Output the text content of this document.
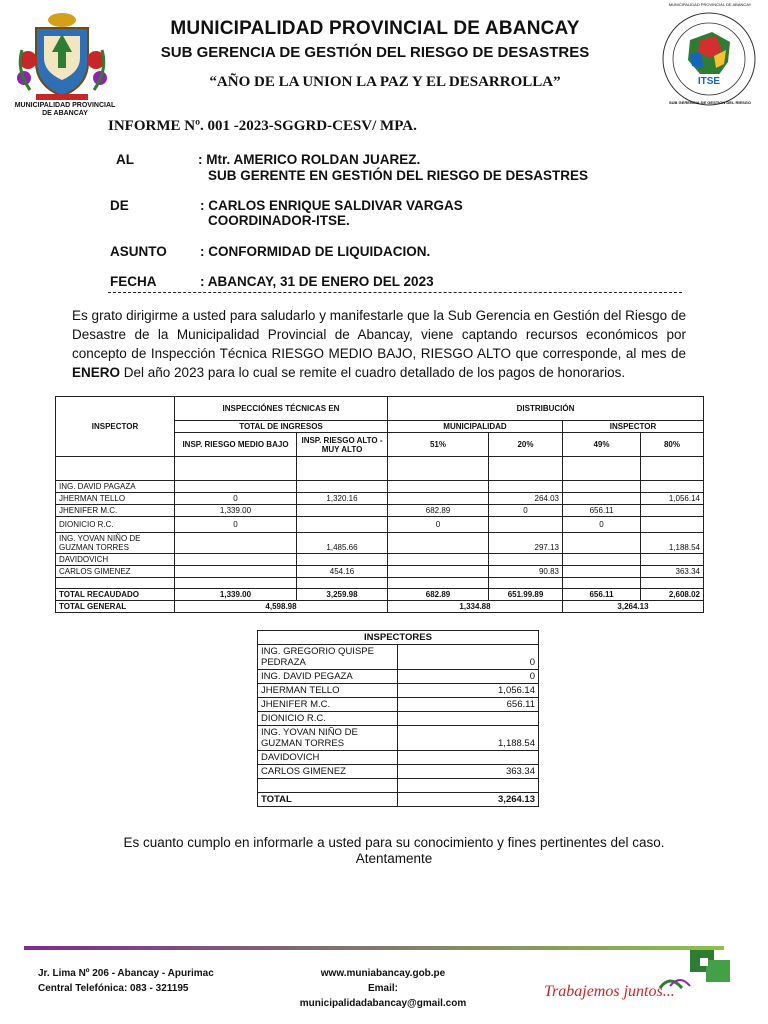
MUNICIPALIDAD PROVINCIAL
DE ABANCAY
MUNICIPALIDAD PROVINCIAL DE ABANCAY
SUB GERENCIA DE GESTIÓN DEL RIESGO DE DESASTRES
“AÑO DE LA UNION LA PAZ Y EL DESARROLLA”	ITSE
MUNICIPALIDAD PROVINCIAL DE ABANCAY
SUB GERENCIA DE GESTION DEL RIESGO
INFORME Nº. 001 -2023-SGGRD-CESV/ MPA.
AL	: Mtr. AMERICO ROLDAN JUAREZ.
SUB GERENTE EN GESTIÓN DEL RIESGO DE DESASTRES
DE	: CARLOS ENRIQUE SALDIVAR VARGAS
COORDINADOR-ITSE.
ASUNTO : CONFORMIDAD DE LIQUIDACION.
FECHA	: ABANCAY, 31 DE ENERO DEL 2023
Es grato dirigirme a usted para saludarlo y manifestarle que la Sub Gerencia en Gestión del Riesgo de Desastre de la Municipalidad Provincial de Abancay, viene captando recursos económicos por concepto de Inspección Técnica RIESGO MEDIO BAJO, RIESGO ALTO que corresponde, al mes de ENERO Del año 2023 para lo cual se remite el cuadro detallado de los pagos de honorarios.
INSPECTOR	INSPECCIÓNES TÉCNICAS EN		DISTRIBUCIÓN			
	TOTAL DE INGRESOS		MUNICIPALIDAD		INSPECTOR	
	INSP. RIESGO MEDIO BAJO	INSP. RIESGO ALTO - MUY ALTO	51%	20%	49%	80%

ING. DAVID PAGAZA						
JHERMAN TELLO	0	1,320.16		264.03		1,056.14
JHENIFER M.C.	1,339.00		682.89	0	656.11	
DIONICIO R.C.	0		0		0	
ING. YOVAN NIÑO DE GUZMAN TORRES		1,485.66		297.13		1,188.54
DAVIDOVICH						
CARLOS GIMENEZ		454.16		90.83		363.34

TOTAL RECAUDADO	1,339.00	3,259.98	682.89	651.99.89	656.11	2,608.02
TOTAL GENERAL	4,598.98		1,334.88		3,264.13	
INSPECTORES	
ING. GREGORIO QUISPE PEDRAZA	0
ING. DAVID PEGAZA	0
JHERMAN TELLO	1,056.14
JHENIFER M.C.	656.11
DIONICIO R.C.	
ING. YOVAN NIÑO DE GUZMAN TORRES	1,188.54
DAVIDOVICH	
CARLOS GIMENEZ	363.34

TOTAL	3,264.13
Es cuanto cumplo en informarle a usted para su conocimiento y fines pertinentes del caso.
Atentamente
Jr. Lima Nº 206 - Abancay - Apurimac
Central Telefónica: 083 - 321195
www.muniabancay.gob.pe
Email: municipalidadabancay@gmail.com
Trabajemos juntos...
